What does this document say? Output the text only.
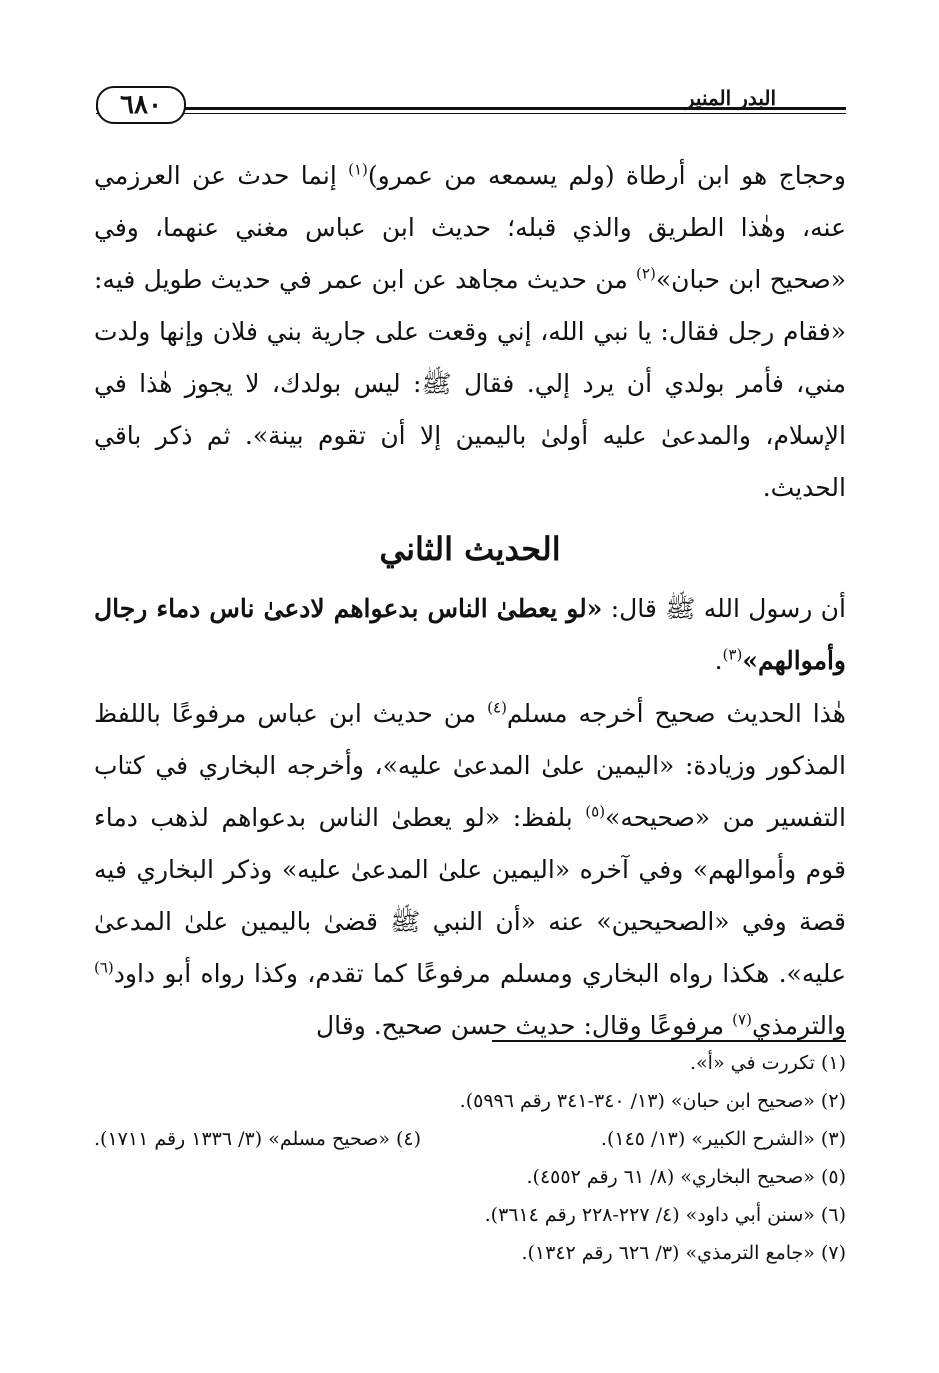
٦٨٠	البدر المنير

وحجاج هو ابن أرطاة (ولم يسمعه من عمرو)$^{(١)}$ إنما حدث عن العرزمي عنه، وهٰذا الطريق والذي قبله؛ حديث ابن عباس مغني عنهما، وفي «صحيح ابن حبان»$^{(٢)}$ من حديث مجاهد عن ابن عمر في حديث طويل فيه: «فقام رجل فقال: يا نبي الله، إني وقعت على جارية بني فلان وإنها ولدت مني، فأمر بولدي أن يرد إلي. فقال ﷺ: ليس بولدك، لا يجوز هٰذا في الإسلام، والمدعىٰ عليه أولىٰ باليمين إلا أن تقوم بينة». ثم ذكر باقي الحديث.

الحديث الثاني

أن رسول الله ﷺ قال: «لو يعطىٰ الناس بدعواهم لادعىٰ ناس دماء رجال وأموالهم»$^{(٣)}$.

هٰذا الحديث صحيح أخرجه مسلم$^{(٤)}$ من حديث ابن عباس مرفوعًا باللفظ المذكور وزيادة: «اليمين علىٰ المدعىٰ عليه»، وأخرجه البخاري في كتاب التفسير من «صحيحه»$^{(٥)}$ بلفظ: «لو يعطىٰ الناس بدعواهم لذهب دماء قوم وأموالهم» وفي آخره «اليمين علىٰ المدعىٰ عليه» وذكر البخاري فيه قصة وفي «الصحيحين» عنه «أن النبي ﷺ قضىٰ باليمين علىٰ المدعىٰ عليه». هكذا رواه البخاري ومسلم مرفوعًا كما تقدم، وكذا رواه أبو داود$^{(٦)}$ والترمذي$^{(٧)}$ مرفوعًا وقال: حديث حسن صحيح. وقال

(١) تكررت في «أ».
(٢) «صحيح ابن حبان» (١٣/ ٣٤٠-٣٤١ رقم ٥٩٩٦).
(٣) «الشرح الكبير» (١٣/ ١٤٥).
(٤) «صحيح مسلم» (٣/ ١٣٣٦ رقم ١٧١١).
(٥) «صحيح البخاري» (٨/ ٦١ رقم ٤٥٥٢).
(٦) «سنن أبي داود» (٤/ ٢٢٧-٢٢٨ رقم ٣٦١٤).
(٧) «جامع الترمذي» (٣/ ٦٢٦ رقم ١٣٤٢).
